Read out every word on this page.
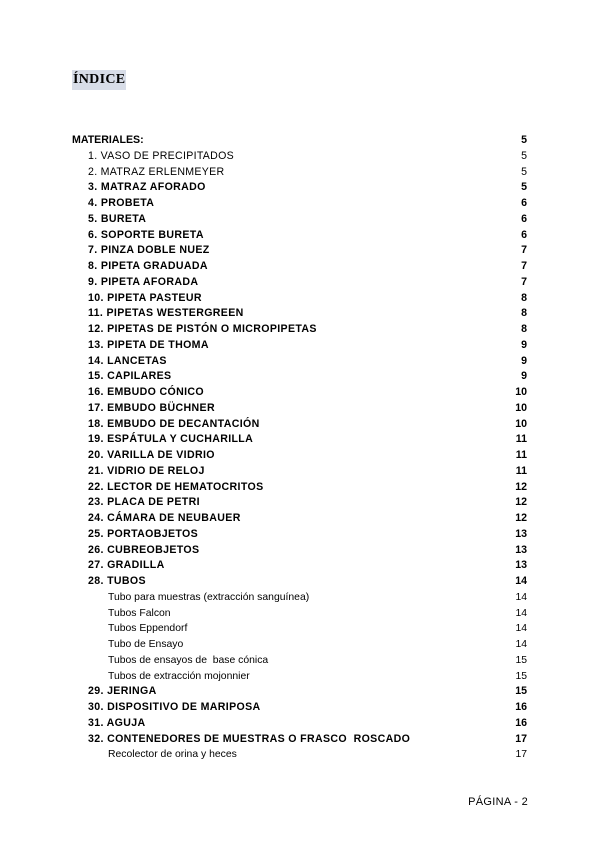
ÍNDICE
MATERIALES:	5
1. VASO DE PRECIPITADOS	5
2. MATRAZ ERLENMEYER	5
3. MATRAZ AFORADO	5
4. PROBETA	6
5. BURETA	6
6. SOPORTE BURETA	6
7. PINZA DOBLE NUEZ	7
8. PIPETA GRADUADA	7
9. PIPETA AFORADA	7
10. PIPETA PASTEUR	8
11. PIPETAS WESTERGREEN	8
12. PIPETAS DE PISTÓN O MICROPIPETAS	8
13. PIPETA DE THOMA	9
14. LANCETAS	9
15. CAPILARES	9
16. EMBUDO CÓNICO	10
17. EMBUDO BÜCHNER	10
18. EMBUDO DE DECANTACIÓN	10
19. ESPÁTULA Y CUCHARILLA	11
20. VARILLA DE VIDRIO	11
21. VIDRIO DE RELOJ	11
22. LECTOR DE HEMATOCRITOS	12
23. PLACA DE PETRI	12
24. CÁMARA DE NEUBAUER	12
25. PORTAOBJETOS	13
26. CUBREOBJETOS	13
27. GRADILLA	13
28. TUBOS	14
Tubo para muestras (extracción sanguínea)	14
Tubos Falcon	14
Tubos Eppendorf	14
Tubo de Ensayo	14
Tubos de ensayos de  base cónica	15
Tubos de extracción mojonnier	15
29. JERINGA	15
30. DISPOSITIVO DE MARIPOSA	16
31. AGUJA	16
32. CONTENEDORES DE MUESTRAS O FRASCO  ROSCADO	17
Recolector de orina y heces	17
PÁGINA - 2
